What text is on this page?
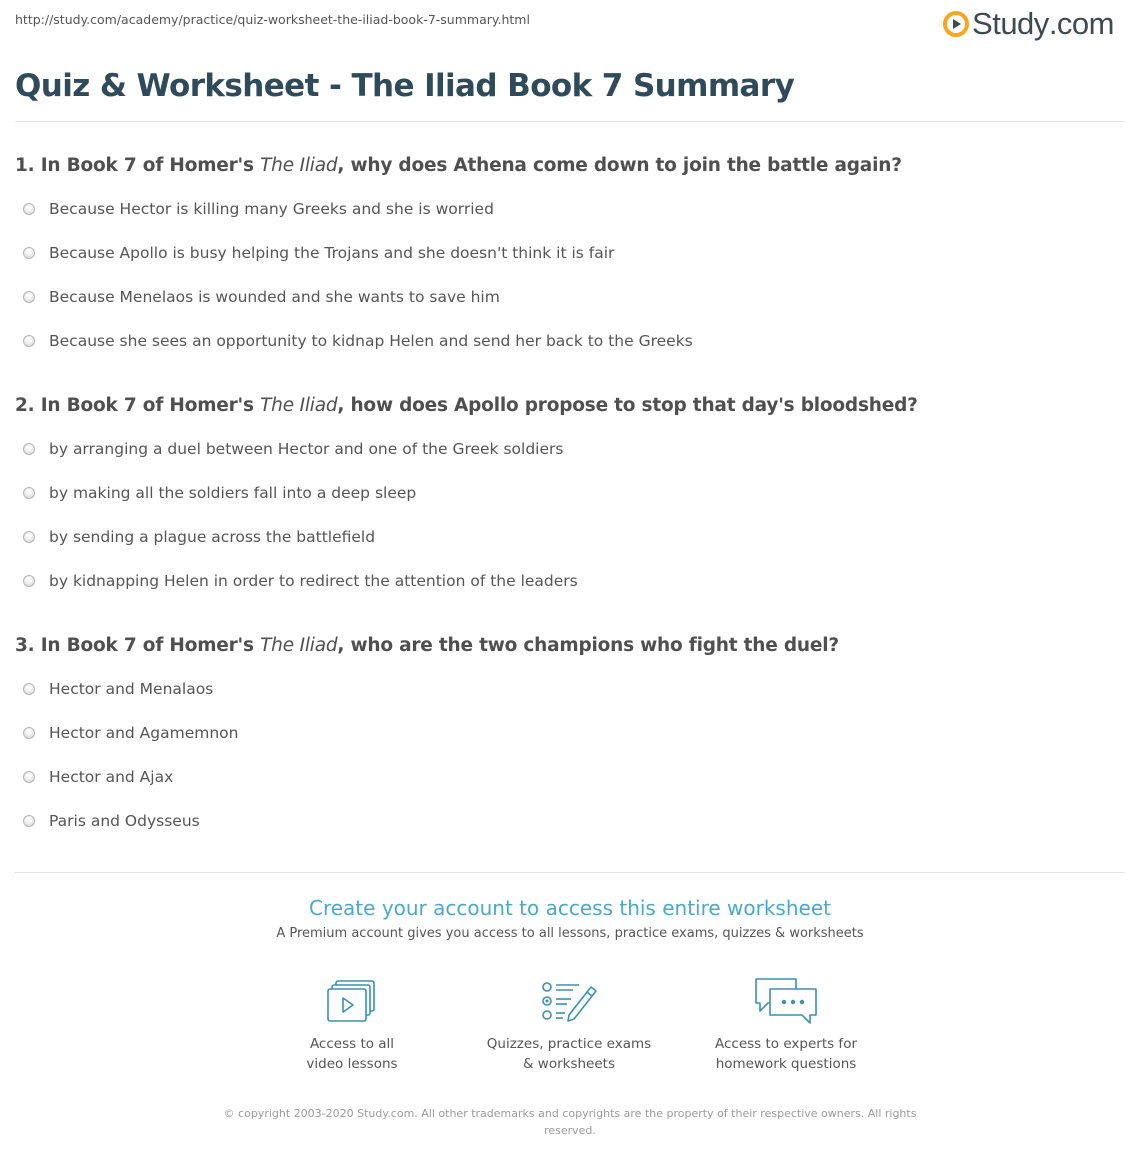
http://study.com/academy/practice/quiz-worksheet-the-iliad-book-7-summary.html	Study .com
Quiz & Worksheet - The Iliad Book 7 Summary
1. In Book 7 of Homer's The Iliad, why does Athena come down to join the battle again?
Because Hector is killing many Greeks and she is worried
Because Apollo is busy helping the Trojans and she doesn't think it is fair
Because Menelaos is wounded and she wants to save him
Because she sees an opportunity to kidnap Helen and send her back to the Greeks
2. In Book 7 of Homer's The Iliad, how does Apollo propose to stop that day's bloodshed?
by arranging a duel between Hector and one of the Greek soldiers
by making all the soldiers fall into a deep sleep
by sending a plague across the battlefield
by kidnapping Helen in order to redirect the attention of the leaders
3. In Book 7 of Homer's The Iliad, who are the two champions who fight the duel?
Hector and Menalaos
Hector and Agamemnon
Hector and Ajax
Paris and Odysseus
Create your account to access this entire worksheet
A Premium account gives you access to all lessons, practice exams, quizzes & worksheets
Access to all
video lessons
Quizzes, practice exams
& worksheets
Access to experts for
homework questions
© copyright 2003-2020 Study.com. All other trademarks and copyrights are the property of their respective owners. All rights
reserved.
